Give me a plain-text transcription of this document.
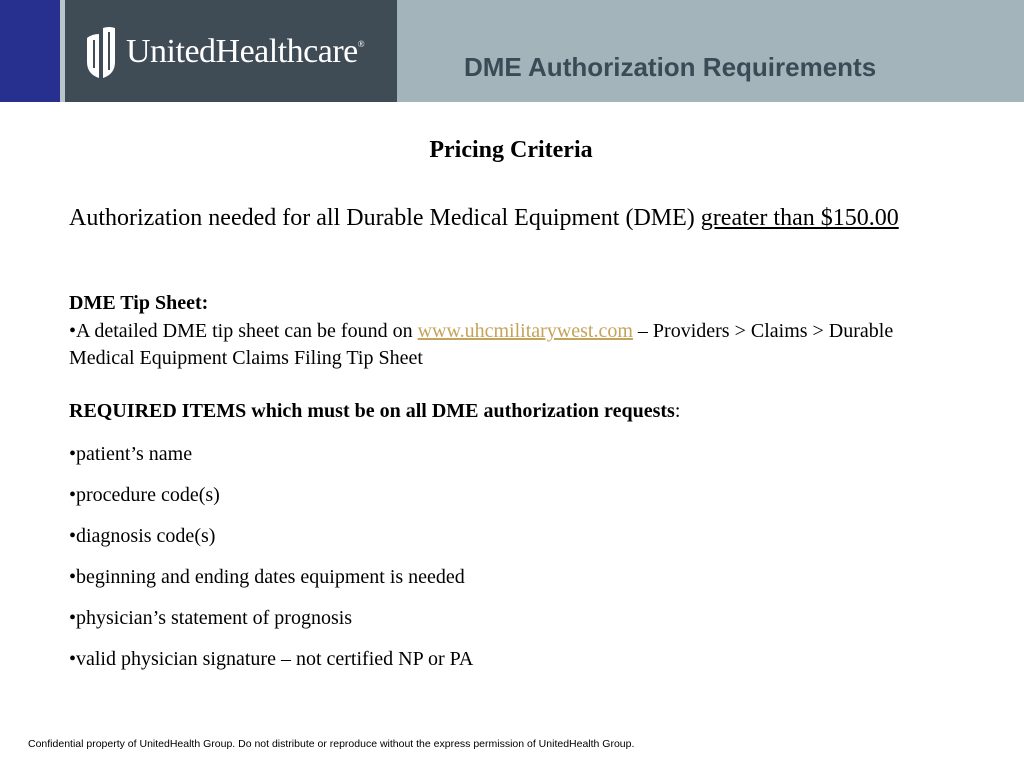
UnitedHealthcare®
DME Authorization Requirements
Pricing Criteria
Authorization needed for all Durable Medical Equipment (DME) greater than $150.00
DME Tip Sheet:
•A detailed DME tip sheet can be found on www.uhcmilitarywest.com – Providers > Claims > Durable Medical Equipment Claims Filing Tip Sheet
REQUIRED ITEMS which must be on all DME authorization requests:
•patient’s name
•procedure code(s)
•diagnosis code(s)
•beginning and ending dates equipment is needed
•physician’s statement of prognosis
•valid physician signature – not certified NP or PA
Confidential property of UnitedHealth Group. Do not distribute or reproduce without the express permission of UnitedHealth Group.
